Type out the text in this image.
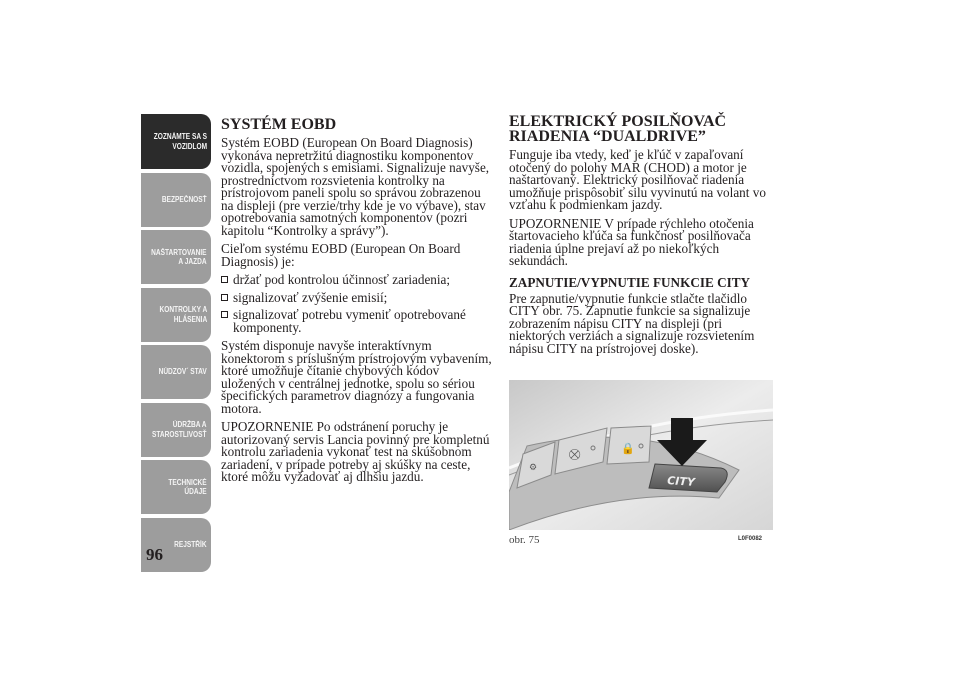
ZOZNÁMTE SA S
VOZIDLOM
BEZPEČNOSŤ
NAŠTARTOVANIE
A JAZDA
KONTROLKY A
HLÁSENIA
NÚDZOV´ STAV
ÚDRŽBA A
STAROSTLIVOSŤ
TECHNICKÉ
ÚDAJE
REJSTŘÍK
96
SYSTÉM EOBD

Systém EOBD (European On Board Diagnosis) vykonáva nepretržitú diagnostiku komponentov vozidla, spojených s emisiami. Signalizuje navyše, prostredníctvom rozsvietenia kontrolky na prístrojovom paneli spolu so správou zobrazenou na displeji (pre verzie/trhy kde je vo výbave), stav opotrebovania samotných komponentov (pozri kapitolu “Kontrolky a správy”).

Cieľom systému EOBD (European On Board Diagnosis) je:

držať pod kontrolou účinnosť zariadenia;
signalizovať zvýšenie emisií;
signalizovať potrebu vymeniť opotrebované komponenty.

Systém disponuje navyše interaktívnym konektorom s príslušným prístrojovým vybavením, ktoré umožňuje čítanie chybových kódov uložených v centrálnej jednotke, spolu so sériou špecifických parametrov diagnózy a fungovania motora.

UPOZORNENIE Po odstránení poruchy je autorizovaný servis Lancia povinný pre kompletnú kontrolu zariadenia vykonať test na skúšobnom zariadení, v prípade potreby aj skúšky na ceste, ktoré môžu vyžadovať aj dlhšiu jazdu.

ELEKTRICKÝ POSILŇOVAČ RIADENIA “DUALDRIVE”

Funguje iba vtedy, keď je kľúč v zapaľovaní otočený do polohy MAR (CHOD) a motor je naštartovaný. Elektrický posilňovač riadenia umožňuje prispôsobiť silu vyvinutú na volant vo vzťahu k podmienkam jazdy.

UPOZORNENIE V prípade rýchleho otočenia štartovacieho kľúča sa funkčnosť posilňovača riadenia úplne prejaví až po niekoľkých sekundách.

ZAPNUTIE/VYPNUTIE FUNKCIE CITY

Pre zapnutie/vypnutie funkcie stlačte tlačidlo CITY obr. 75. Zapnutie funkcie sa signalizuje zobrazením nápisu CITY na displeji (pri niektorých verziách a signalizuje rozsvietením nápisu CITY na prístrojovej doske).

⚙
⛒	🔒
CITY
obr. 75	L0F0082
